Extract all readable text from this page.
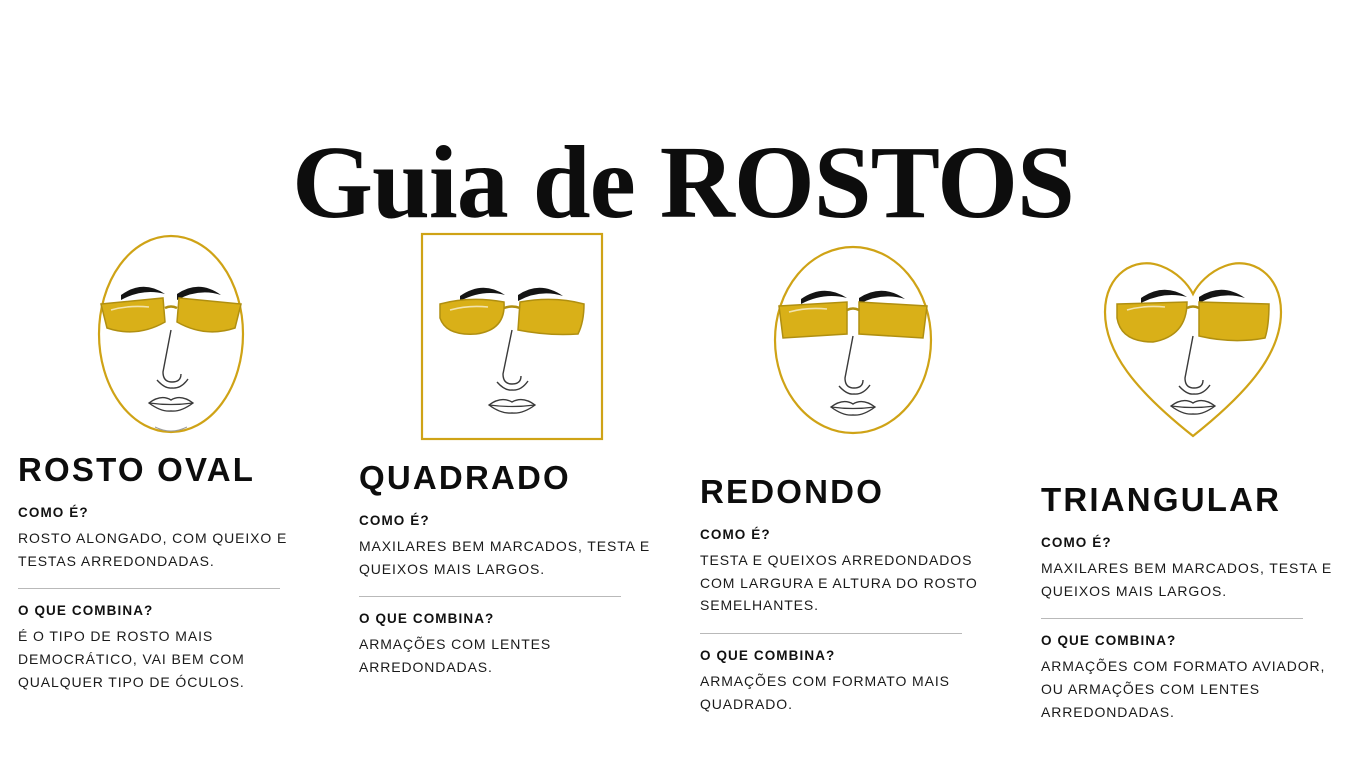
Guia de ROSTOS
ROSTO OVAL

COMO É?

ROSTO ALONGADO, COM QUEIXO E TESTAS ARREDONDADAS.

O QUE COMBINA?

É O TIPO DE ROSTO MAIS DEMOCRÁTICO, VAI BEM COM QUALQUER TIPO DE ÓCULOS.

QUADRADO

COMO É?

MAXILARES BEM MARCADOS, TESTA E QUEIXOS MAIS LARGOS.

O QUE COMBINA?

ARMAÇÕES COM LENTES ARREDONDADAS.

REDONDO

COMO É?

TESTA E QUEIXOS ARREDONDADOS COM LARGURA E ALTURA DO ROSTO SEMELHANTES.

O QUE COMBINA?

ARMAÇÕES COM FORMATO MAIS QUADRADO.

TRIANGULAR

COMO É?

MAXILARES BEM MARCADOS, TESTA E QUEIXOS MAIS LARGOS.

O QUE COMBINA?

ARMAÇÕES COM FORMATO AVIADOR, OU ARMAÇÕES COM LENTES ARREDONDADAS.
